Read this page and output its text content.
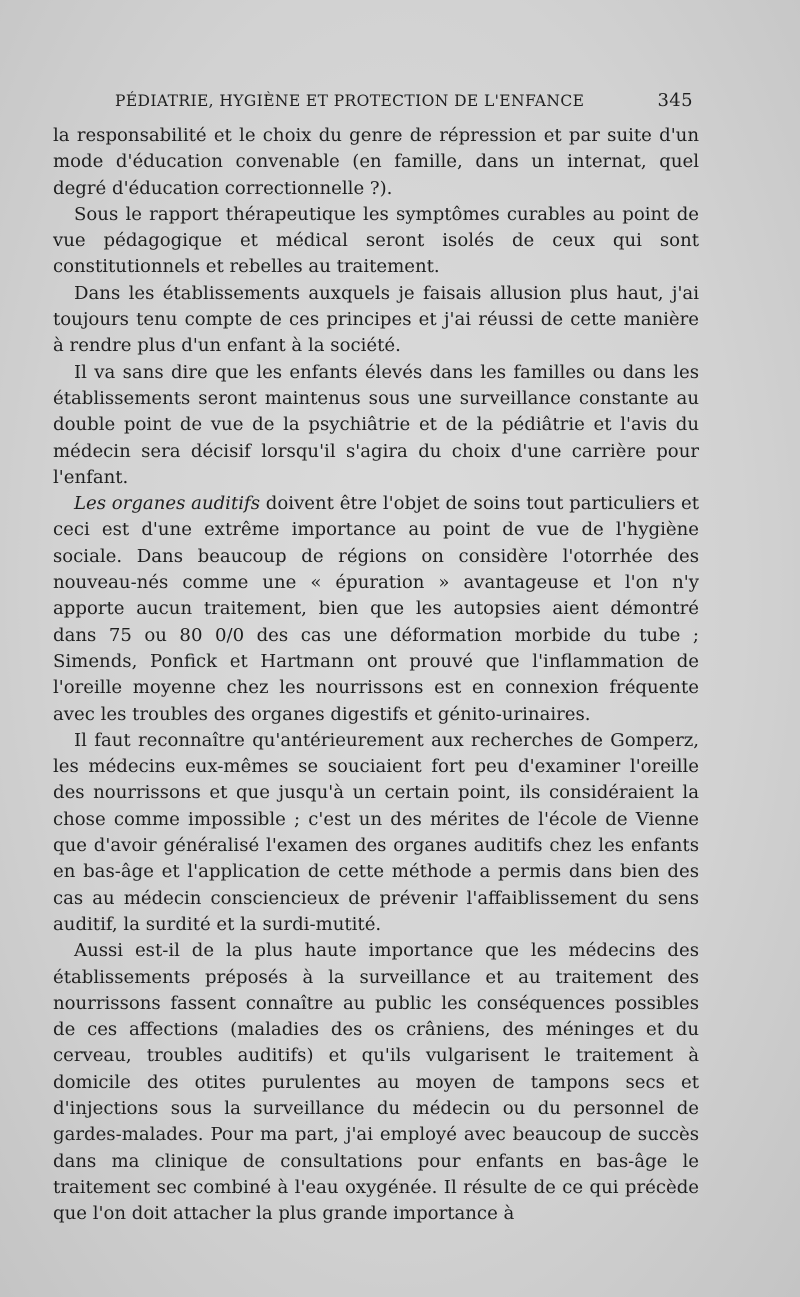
PÉDIATRIE, HYGIÈNE ET PROTECTION DE L'ENFANCE	345

la responsabilité et le choix du genre de répression et par suite d'un mode d'éducation convenable (en famille, dans un internat, quel degré d'éducation correctionnelle ?).

Sous le rapport thérapeutique les symptômes curables au point de vue pédagogique et médical seront isolés de ceux qui sont constitutionnels et rebelles au traitement.

Dans les établissements auxquels je faisais allusion plus haut, j'ai toujours tenu compte de ces principes et j'ai réussi de cette manière à rendre plus d'un enfant à la société.

Il va sans dire que les enfants élevés dans les familles ou dans les établissements seront maintenus sous une surveillance constante au double point de vue de la psychiâtrie et de la pédiâtrie et l'avis du médecin sera décisif lorsqu'il s'agira du choix d'une carrière pour l'enfant.

Les organes auditifs doivent être l'objet de soins tout particuliers et ceci est d'une extrême importance au point de vue de l'hygiène sociale. Dans beaucoup de régions on considère l'otorrhée des nouveau-nés comme une « épuration » avantageuse et l'on n'y apporte aucun traitement, bien que les autopsies aient démontré dans 75 ou 80 0/0 des cas une déformation morbide du tube ; Simends, Ponfick et Hartmann ont prouvé que l'inflammation de l'oreille moyenne chez les nourrissons est en connexion fréquente avec les troubles des organes digestifs et génito-urinaires.

Il faut reconnaître qu'antérieurement aux recherches de Gomperz, les médecins eux-mêmes se souciaient fort peu d'examiner l'oreille des nourrissons et que jusqu'à un certain point, ils considéraient la chose comme impossible ; c'est un des mérites de l'école de Vienne que d'avoir généralisé l'examen des organes auditifs chez les enfants en bas-âge et l'application de cette méthode a permis dans bien des cas au médecin consciencieux de prévenir l'affaiblissement du sens auditif, la surdité et la surdi-mutité.

Aussi est-il de la plus haute importance que les médecins des établissements préposés à la surveillance et au traitement des nourrissons fassent connaître au public les conséquences possibles de ces affections (maladies des os crâniens, des méninges et du cerveau, troubles auditifs) et qu'ils vulgarisent le traitement à domicile des otites purulentes au moyen de tampons secs et d'injections sous la surveillance du médecin ou du personnel de gardes-malades. Pour ma part, j'ai employé avec beaucoup de succès dans ma clinique de consultations pour enfants en bas-âge le traitement sec combiné à l'eau oxygénée. Il résulte de ce qui précède que l'on doit attacher la plus grande importance à
